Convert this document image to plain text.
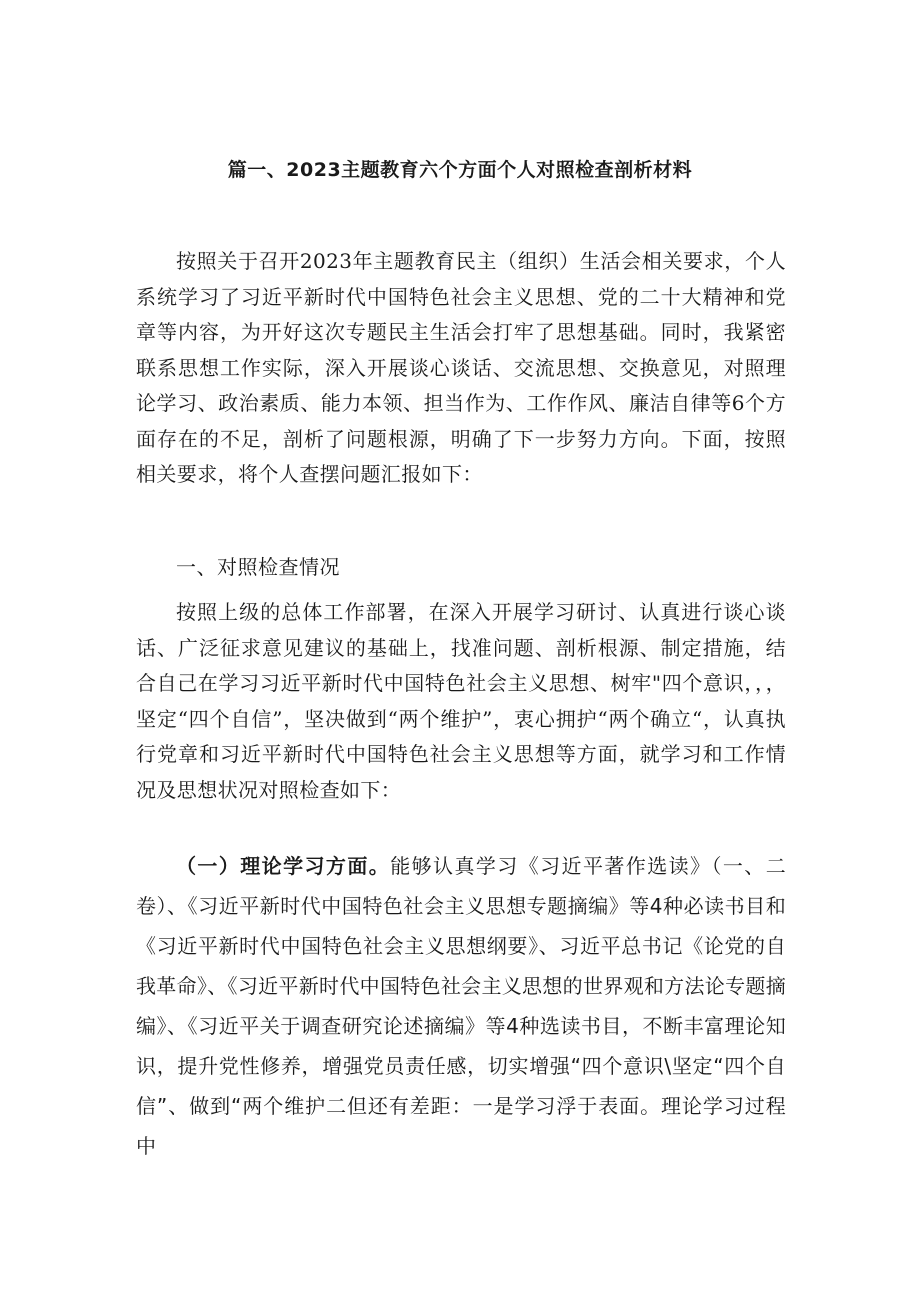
篇一、2023主题教育六个方面个人对照检查剖析材料

按照关于召开2023年主题教育民主（组织）生活会相关要求，个人系统学习了习近平新时代中国特色社会主义思想、党的二十大精神和党章等内容，为开好这次专题民主生活会打牢了思想基础。同时，我紧密联系思想工作实际，深入开展谈心谈话、交流思想、交换意见，对照理论学习、政治素质、能力本领、担当作为、工作作风、廉洁自律等6个方面存在的不足，剖析了问题根源，明确了下一步努力方向。下面，按照相关要求，将个人查摆问题汇报如下：

一、对照检查情况

按照上级的总体工作部署，在深入开展学习研讨、认真进行谈心谈话、广泛征求意见建议的基础上，找准问题、剖析根源、制定措施，结合自己在学习习近平新时代中国特色社会主义思想、树牢"四个意识，，，坚定“四个自信”，坚决做到“两个维护”，衷心拥护“两个确立“，认真执行党章和习近平新时代中国特色社会主义思想等方面，就学习和工作情况及思想状况对照检查如下：

（一）理论学习方面。能够认真学习《习近平著作选读》（一、二卷）、《习近平新时代中国特色社会主义思想专题摘编》等4种必读书目和《习近平新时代中国特色社会主义思想纲要》、习近平总书记《论党的自我革命》、《习近平新时代中国特色社会主义思想的世界观和方法论专题摘编》、《习近平关于调查研究论述摘编》等4种选读书目，不断丰富理论知识，提升党性修养，增强党员责任感，切实增强“四个意识\坚定“四个自信”、做到“两个维护二但还有差距：一是学习浮于表面。理论学习过程中
